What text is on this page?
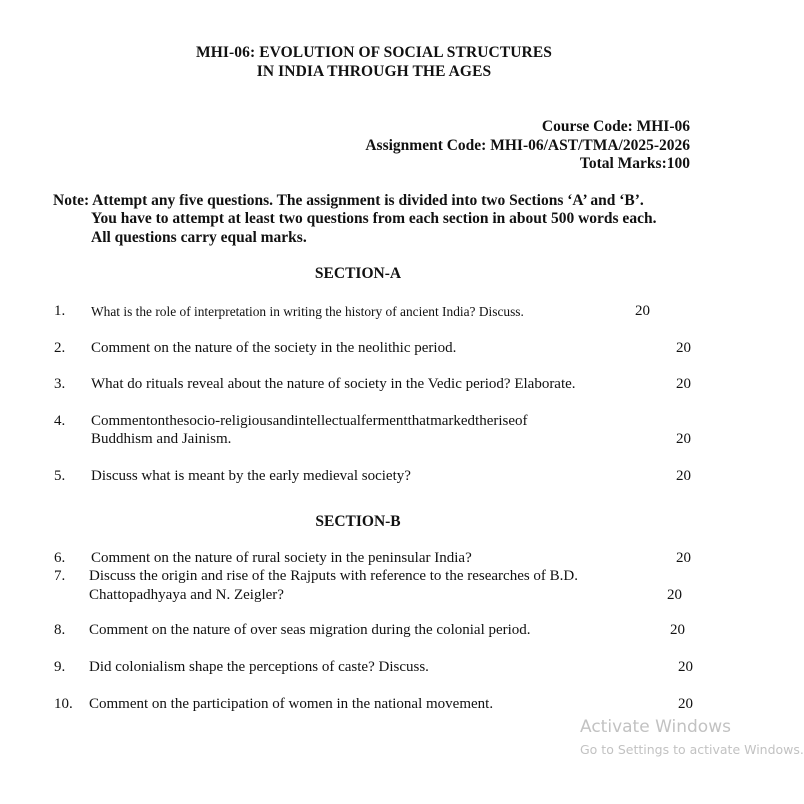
MHI-06: EVOLUTION OF SOCIAL STRUCTURES
IN INDIA THROUGH THE AGES
Course Code: MHI-06
Assignment Code: MHI-06/AST/TMA/2025-2026
Total Marks:100
Note: Attempt any five questions. The assignment is divided into two Sections ‘A’ and ‘B’.
You have to attempt at least two questions from each section in about 500 words each.
All questions carry equal marks.
SECTION-A
1. What is the role of interpretation in writing the history of ancient India? Discuss.	20
2. Comment on the nature of the society in the neolithic period.	20
3. What do rituals reveal about the nature of society in the Vedic period? Elaborate.	20
4. Commentonthesocio-religiousandintellectualfermentthatmarkedtheriseof
Buddhism and Jainism.	20
5. Discuss what is meant by the early medieval society?	20
SECTION-B
6. Comment on the nature of rural society in the peninsular India?	20
7. Discuss the origin and rise of the Rajputs with reference to the researches of B.D.
Chattopadhyaya and N. Zeigler?	20
8. Comment on the nature of over seas migration during the colonial period.	20
9. Did colonialism shape the perceptions of caste? Discuss.	20
10. Comment on the participation of women in the national movement.	20
Activate Windows
Go to Settings to activate Windows.
